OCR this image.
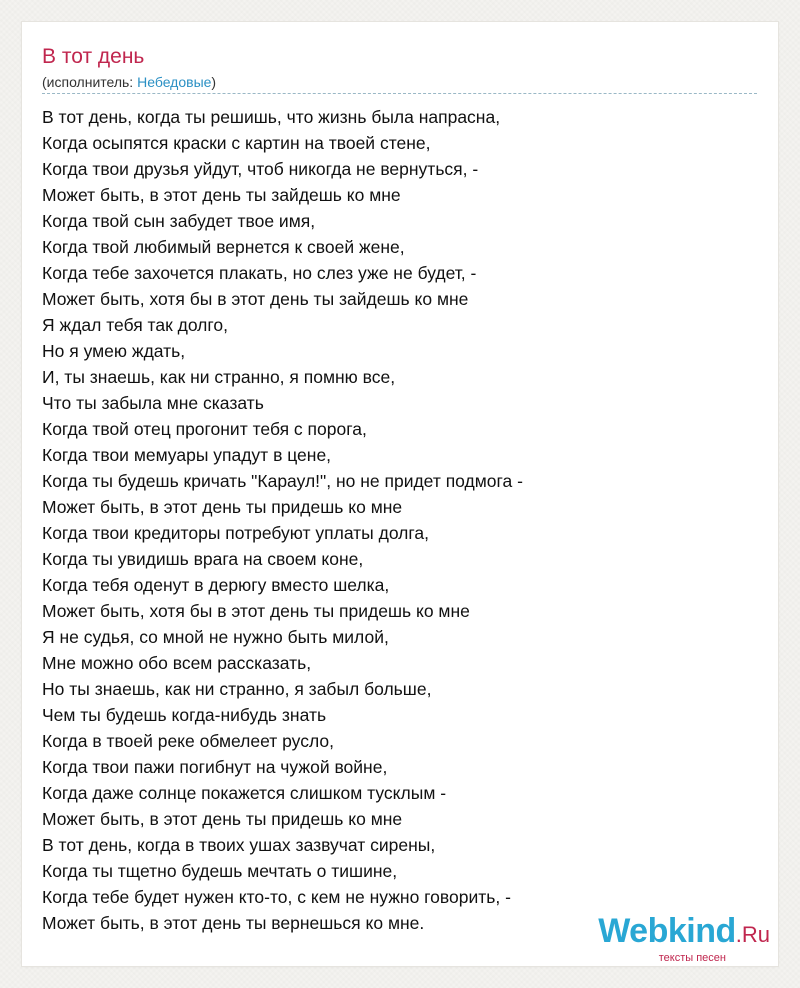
В тот день
(исполнитель: Небедовые)
В тот день, когда ты решишь, что жизнь была напрасна,
Когда осыпятся краски с картин на твоей стене,
Когда твои друзья уйдут, чтоб никогда не вернуться, -
Может быть, в этот день ты зайдешь ко мне
Когда твой сын забудет твое имя,
Когда твой любимый вернется к своей жене,
Когда тебе захочется плакать, но слез уже не будет, -
Может быть, хотя бы в этот день ты зайдешь ко мне
Я ждал тебя так долго,
Но я умею ждать,
И, ты знаешь, как ни странно, я помню все,
Что ты забыла мне сказать
Когда твой отец прогонит тебя с порога,
Когда твои мемуары упадут в цене,
Когда ты будешь кричать "Караул!", но не придет подмога -
Может быть, в этот день ты придешь ко мне
Когда твои кредиторы потребуют уплаты долга,
Когда ты увидишь врага на своем коне,
Когда тебя оденут в дерюгу вместо шелка,
Может быть, хотя бы в этот день ты придешь ко мне
Я не судья, со мной не нужно быть милой,
Мне можно обо всем рассказать,
Но ты знаешь, как ни странно, я забыл больше,
Чем ты будешь когда-нибудь знать
Когда в твоей реке обмелеет русло,
Когда твои пажи погибнут на чужой войне,
Когда даже солнце покажется слишком тусклым -
Может быть, в этот день ты придешь ко мне
В тот день, когда в твоих ушах зазвучат сирены,
Когда ты тщетно будешь мечтать о тишине,
Когда тебе будет нужен кто-то, с кем не нужно говорить, -
Может быть, в этот день ты вернешься ко мне.	Webkind.Ru
тексты песен
